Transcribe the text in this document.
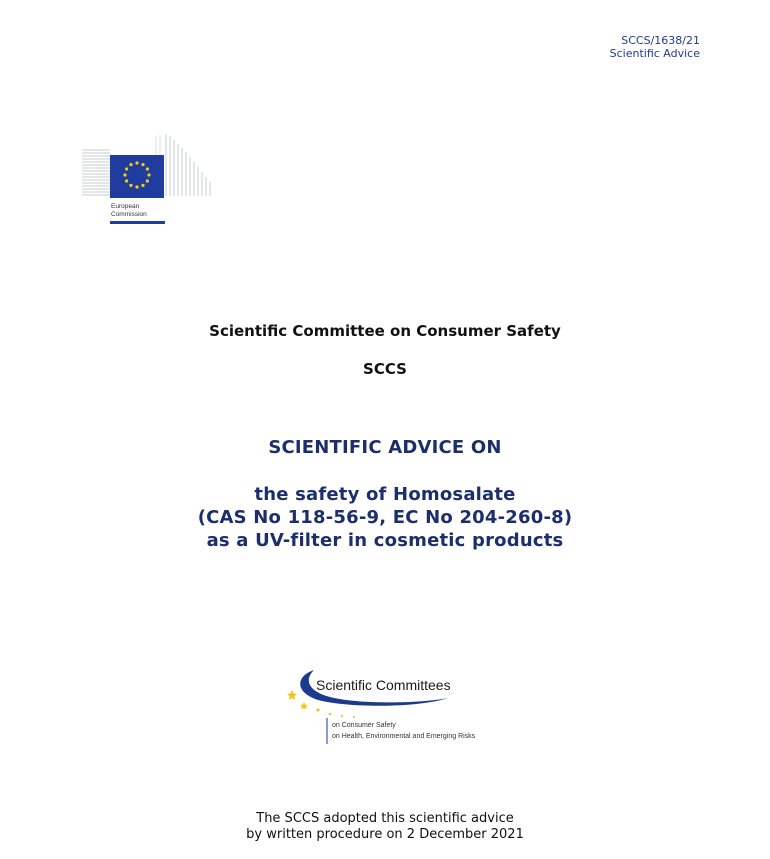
SCCS/1638/21
Scientific Advice
European
Commission
Scientific Committee on Consumer Safety
SCCS
SCIENTIFIC ADVICE ON
the safety of Homosalate
(CAS No 118-56-9, EC No 204-260-8)
as a UV-filter in cosmetic products
Scientific Committees
on Consumer Safety
on Health, Environmental and Emerging Risks
The SCCS adopted this scientific advice
by written procedure on 2 December 2021
